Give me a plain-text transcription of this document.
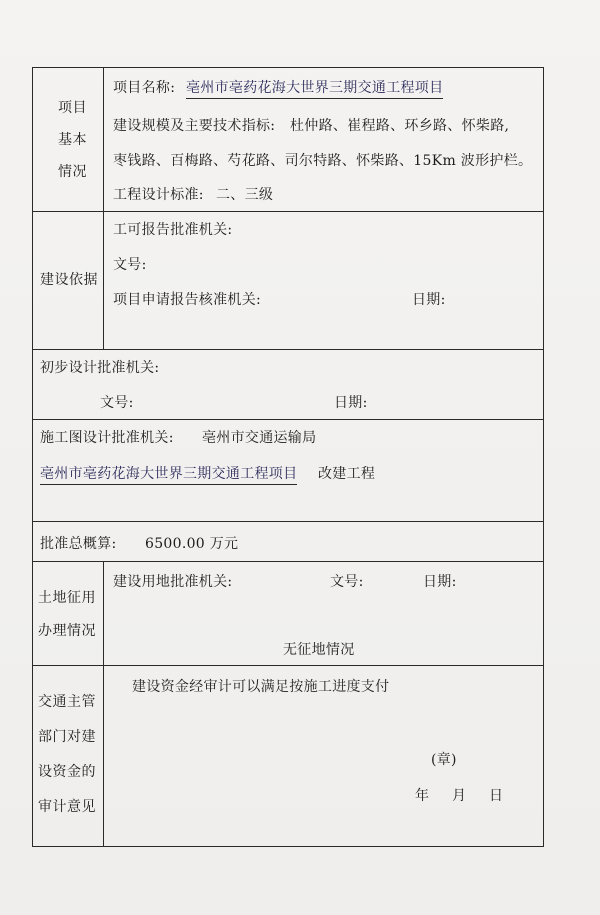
项目
基本
情况
项目名称: 亳州市亳药花海大世界三期交通工程项目
建设规模及主要技术指标: 杜仲路、崔程路、环乡路、怀柴路,
枣钱路、百梅路、芍花路、司尔特路、怀柴路、15Km 波形护栏。
工程设计标准: 二、三级
建设依据
工可报告批准机关:
文号:
项目申请报告核准机关:	日期:
初步设计批准机关:
文号:	日期:
施工图设计批准机关: 亳州市交通运输局
亳州市亳药花海大世界三期交通工程项目 改建工程
批准总概算: 6500.00 万元
土地征用
办理情况
建设用地批准机关:	文号:	日期:
无征地情况
交通主管
部门对建
设资金的
审计意见
建设资金经审计可以满足按施工进度支付
(章)
年 月 日
